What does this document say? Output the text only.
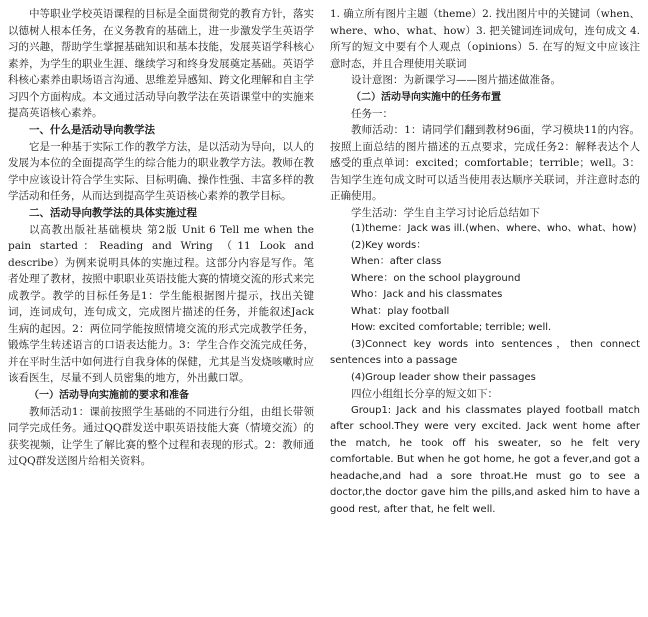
中等职业学校英语课程的目标是全面贯彻党的教育方针，落实以德树人根本任务，在义务教育的基础上，进一步激发学生英语学习的兴趣，帮助学生掌握基础知识和基本技能，发展英语学科核心素养，为学生的职业生涯、继续学习和终身发展奠定基础。英语学科核心素养由职场语言沟通、思维差异感知、跨文化理解和自主学习四个方面构成。本文通过活动导向教学法在英语课堂中的实施来提高英语核心素养。

一、什么是活动导向教学法

它是一种基于实际工作的教学方法，是以活动为导向，以人的发展为本位的全面提高学生的综合能力的职业教学方法。教师在教学中应该设计符合学生实际、目标明确、操作性强、丰富多样的教学活动和任务，从而达到提高学生英语核心素养的教学目标。

二、活动导向教学法的具体实施过程

以高教出版社基础模块 第2版 Unit 6 Tell me when the pain started：Reading and Wring （11 Look and describe）为例来说明具体的实施过程。这部分内容是写作。笔者处理了教材，按照中职职业英语技能大赛的情境交流的形式来完成教学。教学的目标任务是1：学生能根据图片提示，找出关键词，连词成句，连句成文，完成图片描述的任务，并能叙述Jack生病的起因。2：两位同学能按照情境交流的形式完成教学任务，锻炼学生转述语言的口语表达能力。3：学生合作交流完成任务，并在平时生活中如何进行自我身体的保健，尤其是当发烧咳嗽时应该看医生，尽量不到人员密集的地方，外出戴口罩。

（一）活动导向实施前的要求和准备

教师活动1：课前按照学生基础的不同进行分组，由组长带领同学完成任务。通过QQ群发送中职英语技能大赛（情境交流）的获奖视频，让学生了解比赛的整个过程和表现的形式。2：教师通过QQ群发送图片给相关资料。

1. 确立所有图片主题（theme）2. 找出图片中的关键词（when、where、who、what、how）3. 把关键词连词成句，连句成文 4. 所写的短文中要有个人观点（opinions）5. 在写的短文中应该注意时态，并且合理使用关联词

设计意图：为新课学习——图片描述做准备。

（二）活动导向实施中的任务布置

任务一：

教师活动：1：请同学们翻到教材96面，学习模块11的内容。按照上面总结的图片描述的五点要求，完成任务2：解释表达个人感受的重点单词：excited；comfortable；terrible；well。3：告知学生连句成文时可以适当使用表达顺序关联词，并注意时态的正确使用。

学生活动：学生自主学习讨论后总结如下

(1)theme：Jack was ill.(when、where、who、what、how)

(2)Key words：

When：after class

Where：on the school playground

Who：Jack and his classmates

What：play football

How: excited comfortable; terrible; well.

(3)Connect key words into sentences，then connect sentences into a passage

(4)Group leader show their passages

四位小组组长分享的短文如下：

Group1: Jack and his classmates played football match after school.They were very excited. Jack went home after the match, he took off his sweater, so he felt very comfortable. But when he got home, he got a fever,and got a headache,and had a sore throat.He must go to see a doctor,the doctor gave him the pills,and asked him to have a good rest, after that, he felt well.
